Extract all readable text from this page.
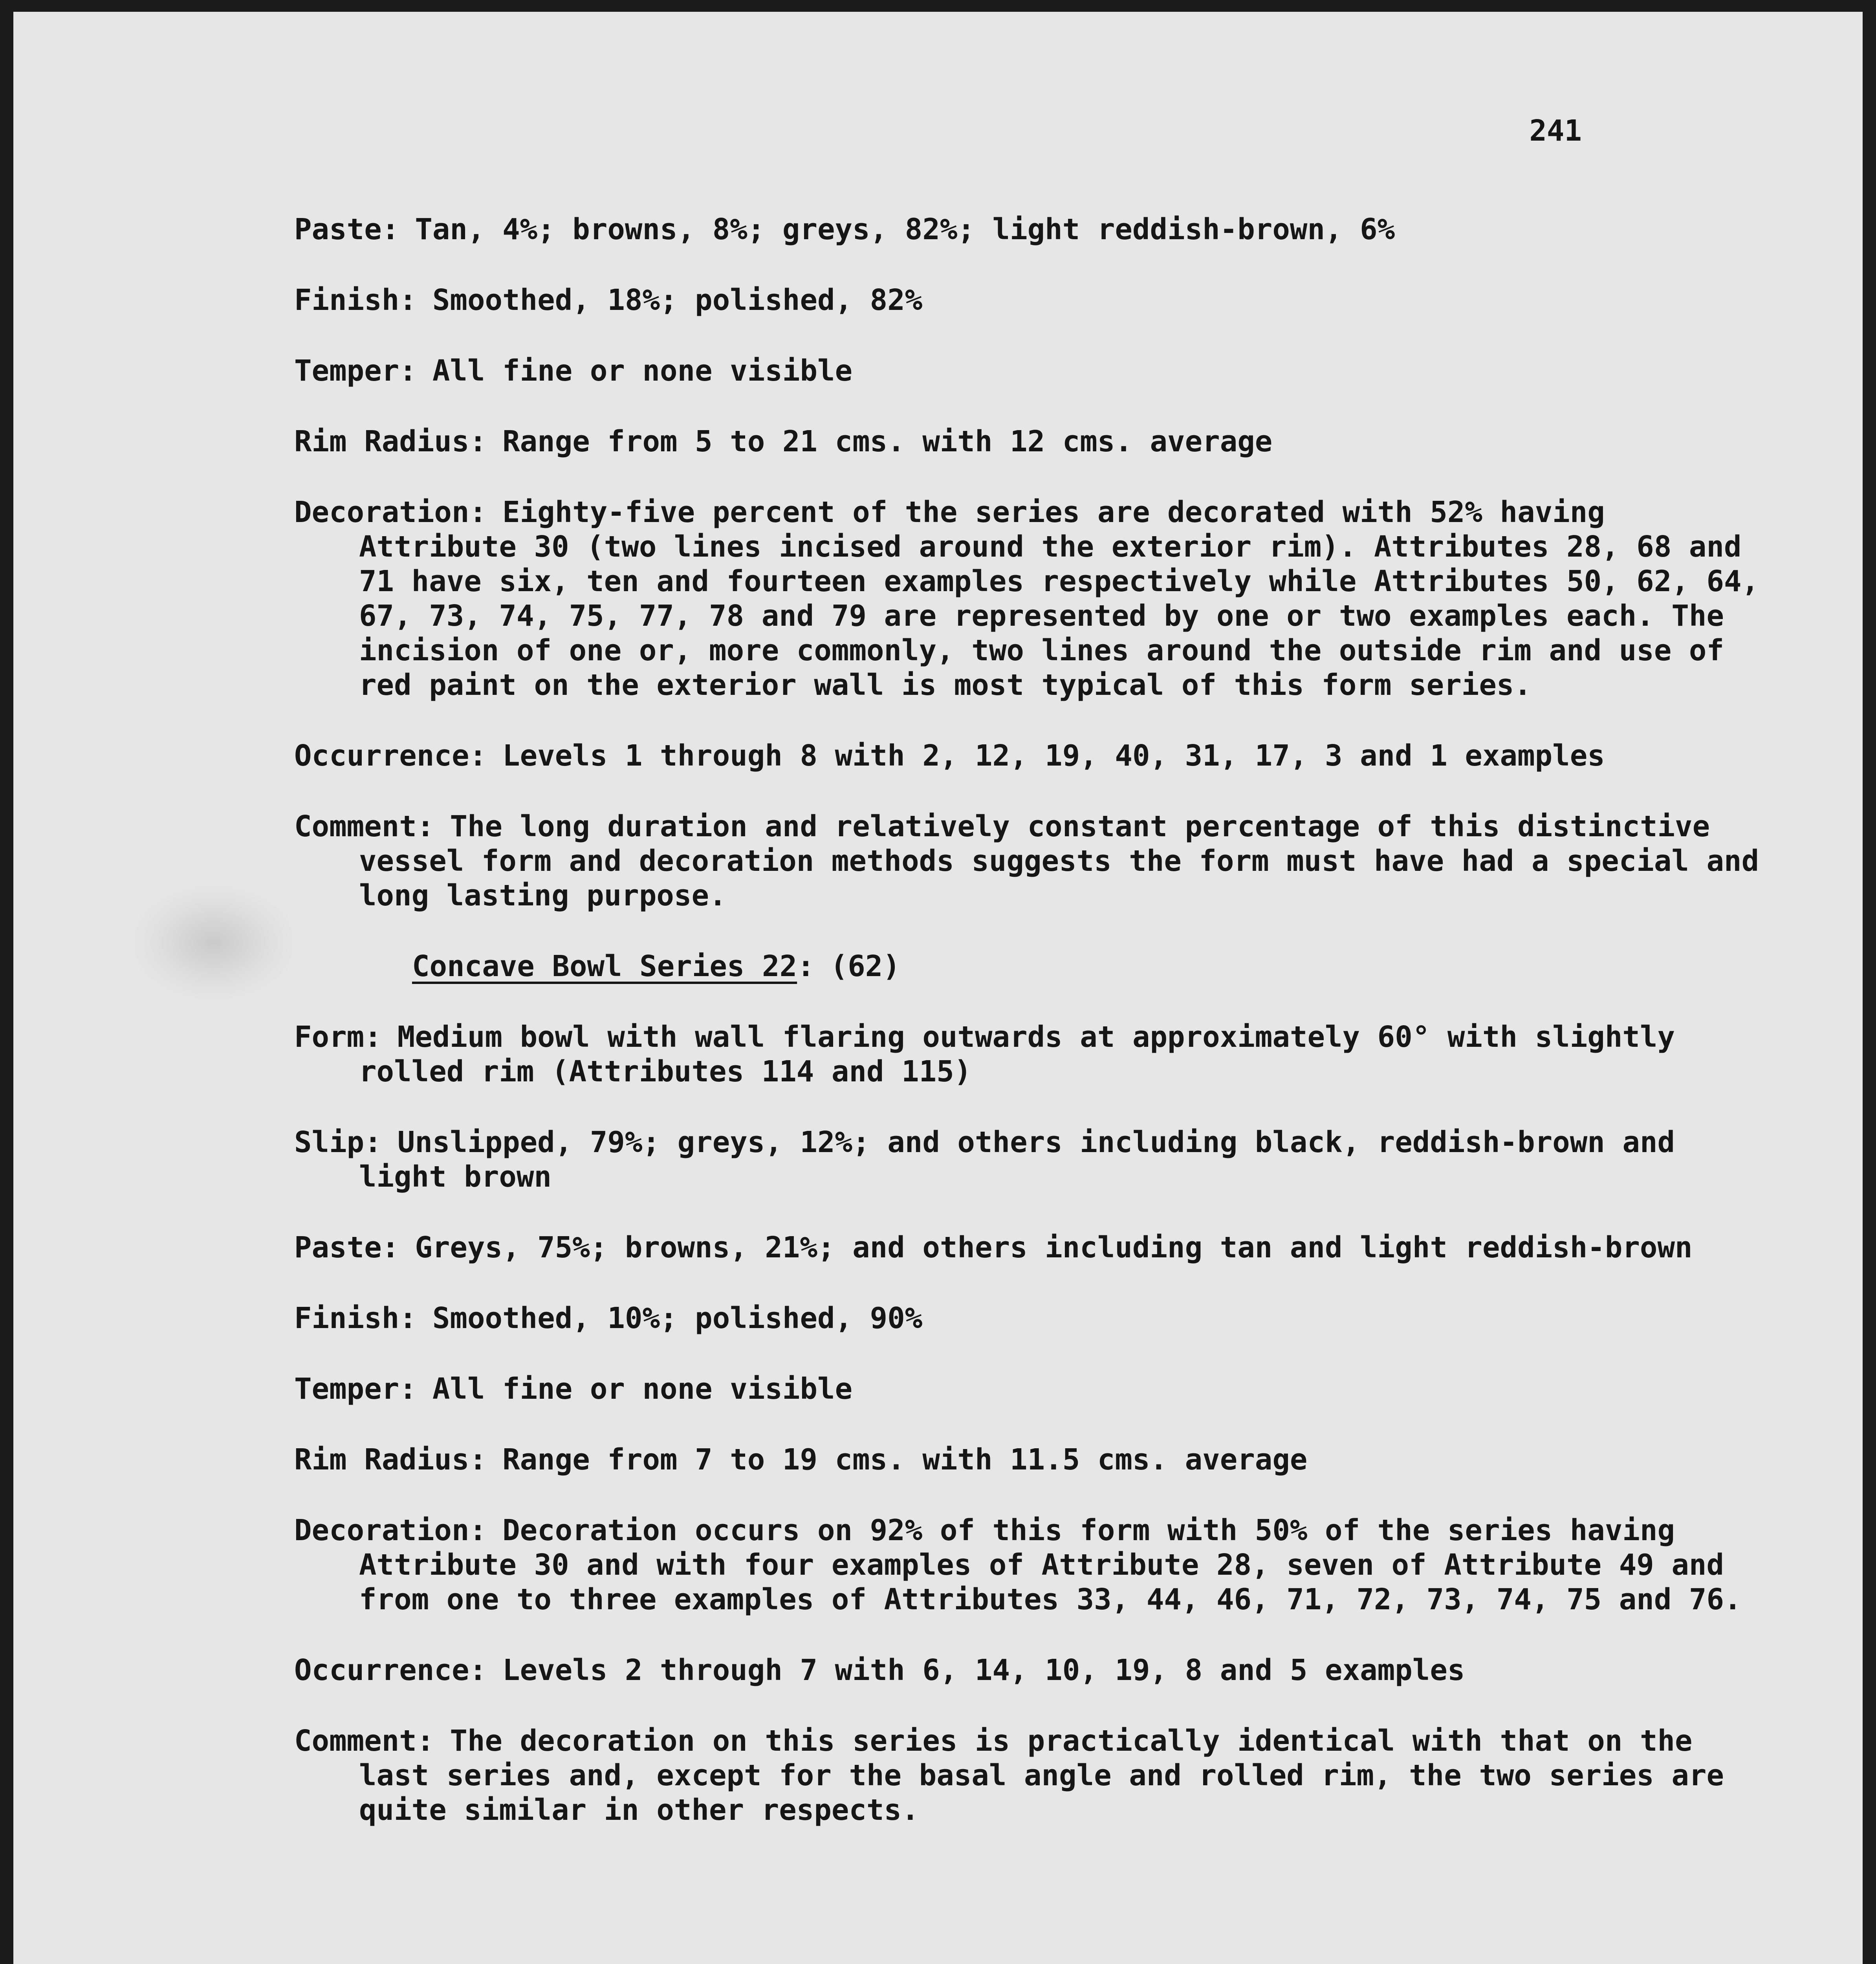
241

Paste: Tan, 4%; browns, 8%; greys, 82%; light reddish-brown, 6%

Finish: Smoothed, 18%; polished, 82%

Temper: All fine or none visible

Rim Radius: Range from 5 to 21 cms. with 12 cms. average

Decoration: Eighty-five percent of the series are decorated with 52% having Attribute 30 (two lines incised around the exterior rim). Attributes 28, 68 and 71 have six, ten and fourteen examples respectively while Attributes 50, 62, 64, 67, 73, 74, 75, 77, 78 and 79 are represented by one or two examples each. The incision of one or, more commonly, two lines around the outside rim and use of red paint on the exterior wall is most typical of this form series.

Occurrence: Levels 1 through 8 with 2, 12, 19, 40, 31, 17, 3 and 1 examples

Comment: The long duration and relatively constant percentage of this distinctive vessel form and decoration methods suggests the form must have had a special and long lasting purpose.

Concave Bowl Series 22: (62)

Form: Medium bowl with wall flaring outwards at approximately 60° with slightly rolled rim (Attributes 114 and 115)

Slip: Unslipped, 79%; greys, 12%; and others including black, reddish-brown and light brown

Paste: Greys, 75%; browns, 21%; and others including tan and light reddish-brown

Finish: Smoothed, 10%; polished, 90%

Temper: All fine or none visible

Rim Radius: Range from 7 to 19 cms. with 11.5 cms. average

Decoration: Decoration occurs on 92% of this form with 50% of the series having Attribute 30 and with four examples of Attribute 28, seven of Attribute 49 and from one to three examples of Attributes 33, 44, 46, 71, 72, 73, 74, 75 and 76.

Occurrence: Levels 2 through 7 with 6, 14, 10, 19, 8 and 5 examples

Comment: The decoration on this series is practically identical with that on the last series and, except for the basal angle and rolled rim, the two series are quite similar in other respects.
